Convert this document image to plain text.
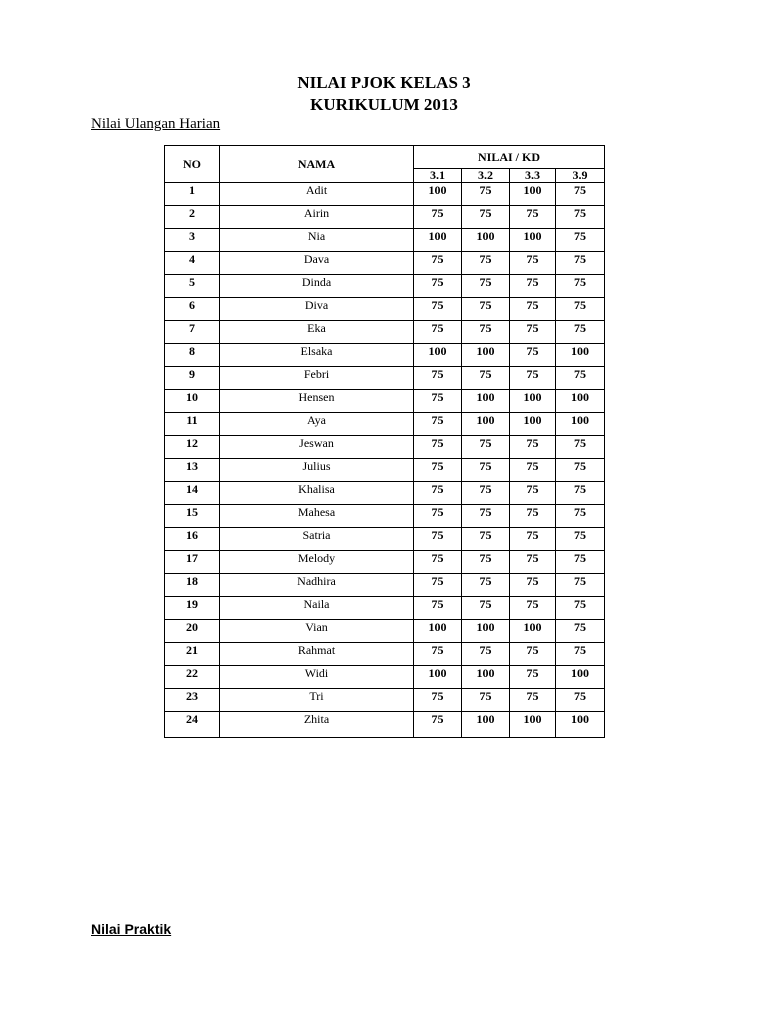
NILAI PJOK KELAS 3
KURIKULUM 2013
Nilai Ulangan Harian
NO	NAMA	NILAI / KD			
		3.1	3.2	3.3	3.9
1	Adit	100	75	100	75
2	Airin	75	75	75	75
3	Nia	100	100	100	75
4	Dava	75	75	75	75
5	Dinda	75	75	75	75
6	Diva	75	75	75	75
7	Eka	75	75	75	75
8	Elsaka	100	100	75	100
9	Febri	75	75	75	75
10	Hensen	75	100	100	100
11	Aya	75	100	100	100
12	Jeswan	75	75	75	75
13	Julius	75	75	75	75
14	Khalisa	75	75	75	75
15	Mahesa	75	75	75	75
16	Satria	75	75	75	75
17	Melody	75	75	75	75
18	Nadhira	75	75	75	75
19	Naila	75	75	75	75
20	Vian	100	100	100	75
21	Rahmat	75	75	75	75
22	Widi	100	100	75	100
23	Tri	75	75	75	75
24	Zhita	75	100	100	100
Nilai Praktik
